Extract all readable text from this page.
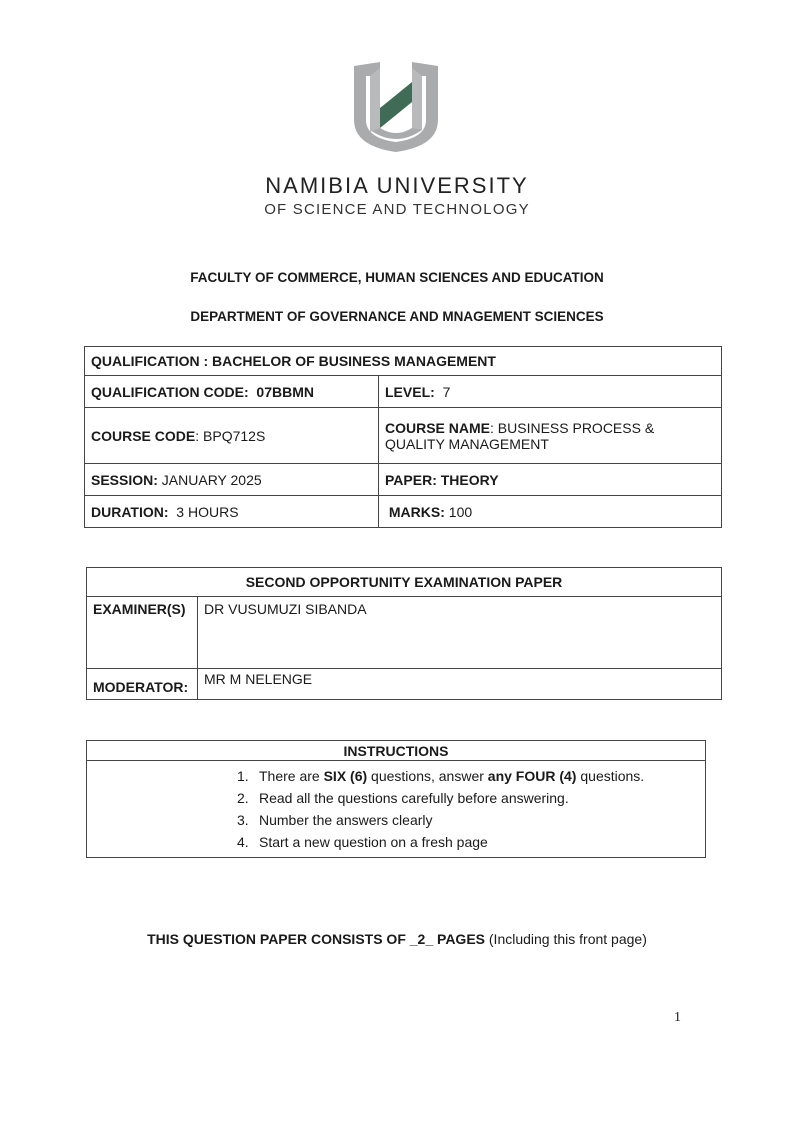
NAMIBIA UNIVERSITY
OF SCIENCE AND TECHNOLOGY
FACULTY OF COMMERCE, HUMAN SCIENCES AND EDUCATION
DEPARTMENT OF GOVERNANCE AND MNAGEMENT SCIENCES
QUALIFICATION : BACHELOR OF BUSINESS MANAGEMENT	
QUALIFICATION CODE: 07BBMN	LEVEL: 7
COURSE CODE: BPQ712S	COURSE NAME: BUSINESS PROCESS & QUALITY MANAGEMENT
SESSION: JANUARY 2025	PAPER: THEORY
DURATION: 3 HOURS	MARKS: 100
SECOND OPPORTUNITY EXAMINATION PAPER	
EXAMINER(S)	DR VUSUMUZI SIBANDA
MODERATOR:	MR M NELENGE
INSTRUCTIONS

1. There are SIX (6) questions, answer any FOUR (4) questions.
2. Read all the questions carefully before answering.
3. Number the answers clearly
4. Start a new question on a fresh page
THIS QUESTION PAPER CONSISTS OF _2_ PAGES (Including this front page)
1
